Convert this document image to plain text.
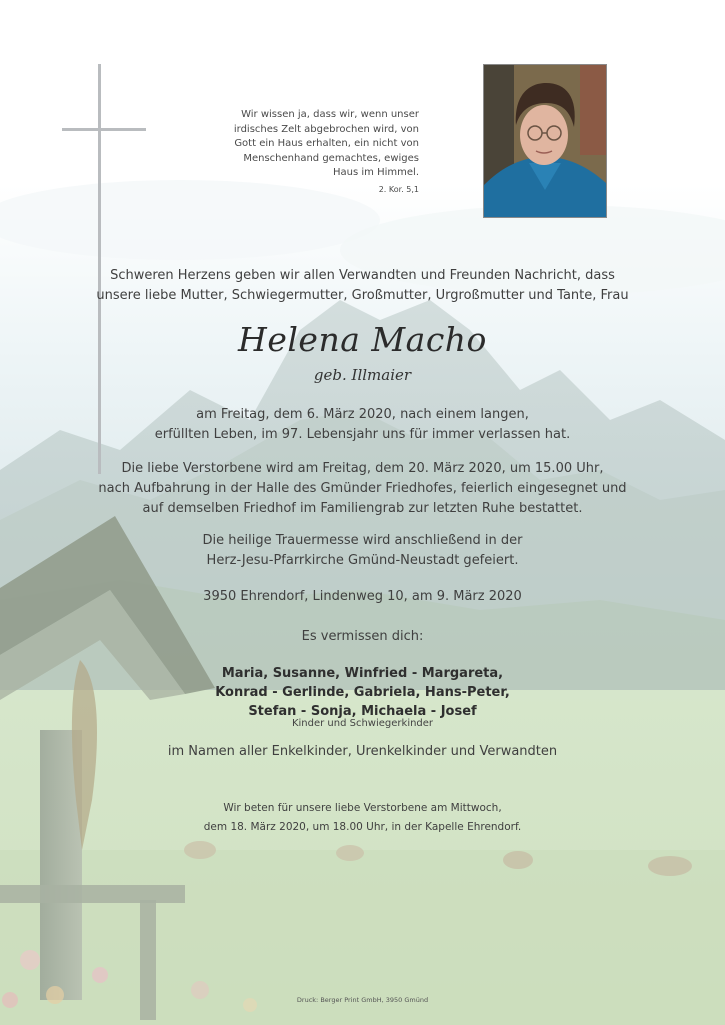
Wir wissen ja, dass wir, wenn unser
irdisches Zelt abgebrochen wird, von
Gott ein Haus erhalten, ein nicht von
Menschenhand gemachtes, ewiges
Haus im Himmel.
2. Kor. 5,1
Schweren Herzens geben wir allen Verwandten und Freunden Nachricht, dass
unsere liebe Mutter, Schwiegermutter, Großmutter, Urgroßmutter und Tante, Frau
Helena Macho
geb. Illmaier
am Freitag, dem 6. März 2020, nach einem langen,
erfüllten Leben, im 97. Lebensjahr uns für immer verlassen hat.
Die liebe Verstorbene wird am Freitag, dem 20. März 2020, um 15.00 Uhr,
nach Aufbahrung in der Halle des Gmünder Friedhofes, feierlich eingesegnet und
auf demselben Friedhof im Familiengrab zur letzten Ruhe bestattet.
Die heilige Trauermesse wird anschließend in der
Herz-Jesu-Pfarrkirche Gmünd-Neustadt gefeiert.
3950 Ehrendorf, Lindenweg 10, am 9. März 2020
Es vermissen dich:
Maria, Susanne, Winfried - Margareta,
Konrad - Gerlinde, Gabriela, Hans-Peter,
Stefan - Sonja, Michaela - Josef
Kinder und Schwiegerkinder
im Namen aller Enkelkinder, Urenkelkinder und Verwandten
Wir beten für unsere liebe Verstorbene am Mittwoch,
dem 18. März 2020, um 18.00 Uhr, in der Kapelle Ehrendorf.
Druck: Berger Print GmbH, 3950 Gmünd
